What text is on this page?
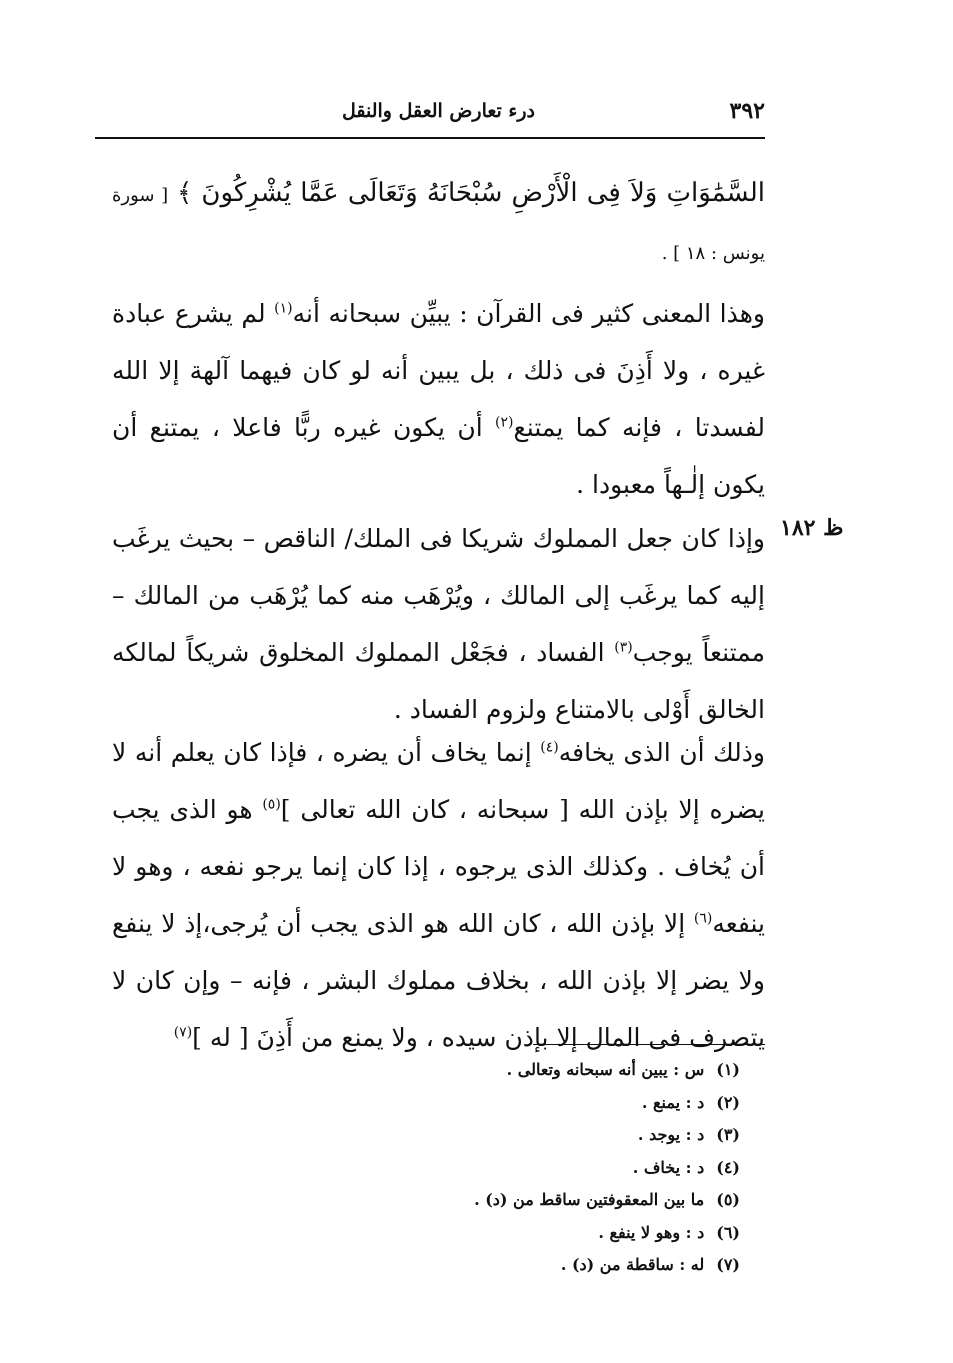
٣٩٢
درء تعارض العقل والنقل
السَّمَٰوَاتِ وَلاَ فِى الْأَرْضِ سُبْحَانَهُ وَتَعَالَى عَمَّا يُشْرِكُونَ ﴾ [ سورة يونس : ١٨ ] .

وهذا المعنى كثير فى القرآن : يبيِّن سبحانه أنه$^{(١)}$ لم يشرع عبادة غيره ، ولا أَذِنَ فى ذلك ، بل يبين أنه لو كان فيهما آلهة إلا الله لفسدتا ، فإنه كما يمتنع$^{(٢)}$ أن يكون غيره ربًّا فاعلا ، يمتنع أن يكون إلٰـهاً معبودا .

ظ ١٨٢

وإذا كان جعل المملوك شريكا فى الملك/ الناقص – بحيث يرغَب إليه كما يرغَب إلى المالك ، ويُرْهَب منه كما يُرْهَب من المالك – ممتنعاً يوجب$^{(٣)}$ الفساد ، فجَعْل المملوك المخلوق شريكاً لمالكه الخالق أَوْلى بالامتناع ولزوم الفساد .

وذلك أن الذى يخافه$^{(٤)}$ إنما يخاف أن يضره ، فإذا كان يعلم أنه لا يضره إلا بإذن الله [ سبحانه ، كان الله تعالى ]$^{(٥)}$ هو الذى يجب أن يُخاف . وكذلك الذى يرجوه ، إذا كان إنما يرجو نفعه ، وهو لا ينفعه$^{(٦)}$ إلا بإذن الله ، كان الله هو الذى يجب أن يُرجى،إذ لا ينفع ولا يضر إلا بإذن الله ، بخلاف مملوك البشر ، فإنه – وإن كان لا يتصرف فى المال إلا بإذن سيده ، ولا يمنع من أَذِنَ [ له ]$^{(٧)}$

(١)س : يبين أنه سبحانه وتعالى .
(٢)د : يمنع .
(٣)د : يوجد .
(٤)د : يخاف .
(٥)ما بين المعقوفتين ساقط من (د) .
(٦)د : وهو لا ينفع .
(٧)له : ساقطة من (د) .
